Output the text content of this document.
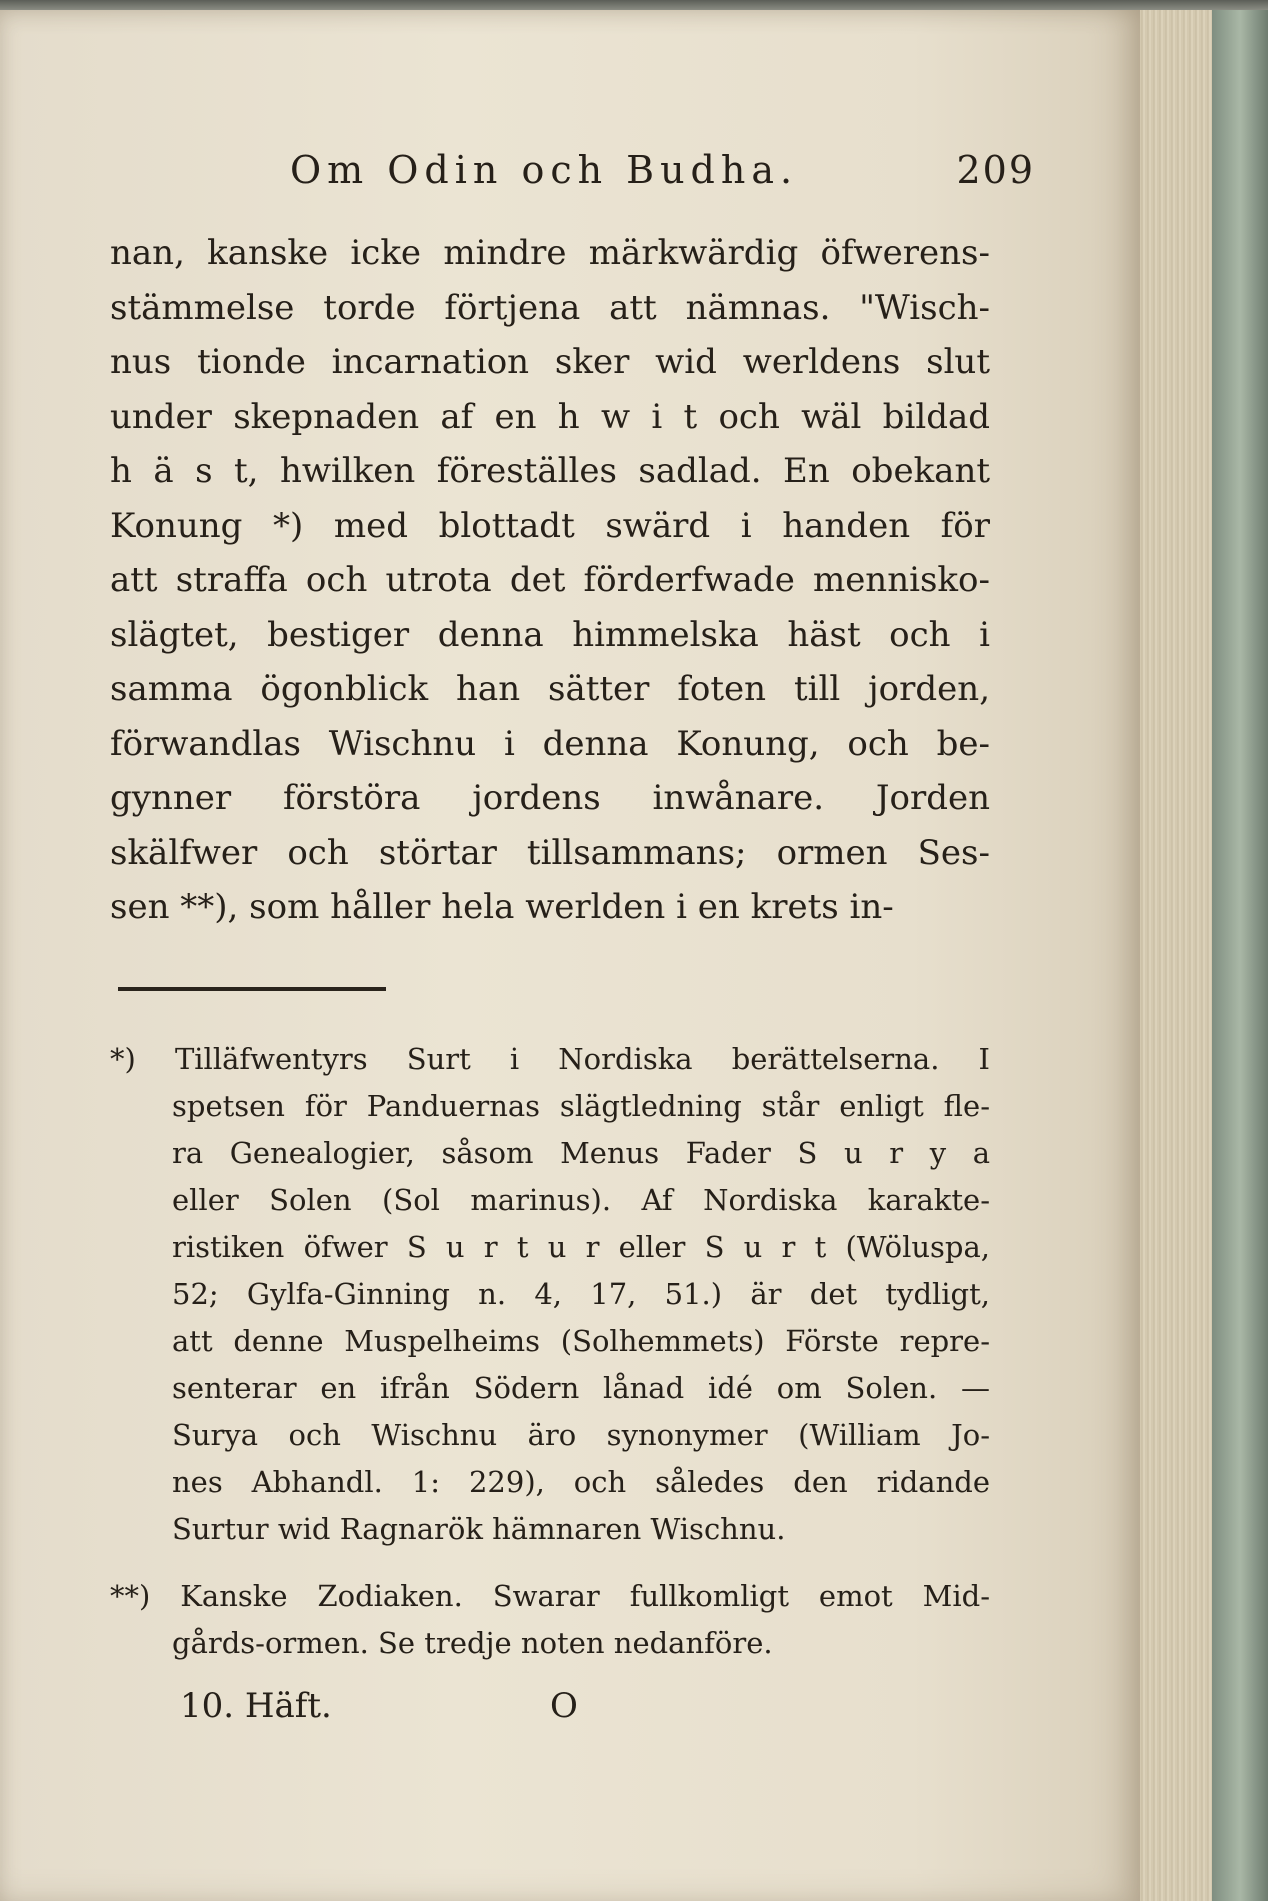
Om Odin och Budha.	209
nan, kanske icke mindre märkwärdig öfwerens-
stämmelse torde förtjena att nämnas. "Wisch-
nus tionde incarnation sker wid werldens slut
under skepnaden af en h w i t och wäl bildad
h ä s t, hwilken föreställes sadlad. En obekant
Konung *) med blottadt swärd i handen för
att straffa och utrota det förderfwade mennisko-
slägtet, bestiger denna himmelska häst och i
samma ögonblick han sätter foten till jorden,
förwandlas Wischnu i denna Konung, och be-
gynner förstöra jordens inwånare. Jorden
skälfwer och störtar tillsammans; ormen Ses-
sen **), som håller hela werlden i en krets in-
*) Tilläfwentyrs Surt i Nordiska berättelserna. I
spetsen för Panduernas slägtledning står enligt fle-
ra Genealogier, såsom Menus Fader S u r y a
eller Solen (Sol marinus). Af Nordiska karakte-
ristiken öfwer S u r t u r eller S u r t (Wöluspa,
52; Gylfa-Ginning n. 4, 17, 51.) är det tydligt,
att denne Muspelheims (Solhemmets) Förste repre-
senterar en ifrån Södern lånad idé om Solen. —
Surya och Wischnu äro synonymer (William Jo-
nes Abhandl. 1: 229), och således den ridande
Surtur wid Ragnarök hämnaren Wischnu.
**) Kanske Zodiaken. Swarar fullkomligt emot Mid-
gårds-ormen. Se tredje noten nedanföre.
10. Häft.	O
